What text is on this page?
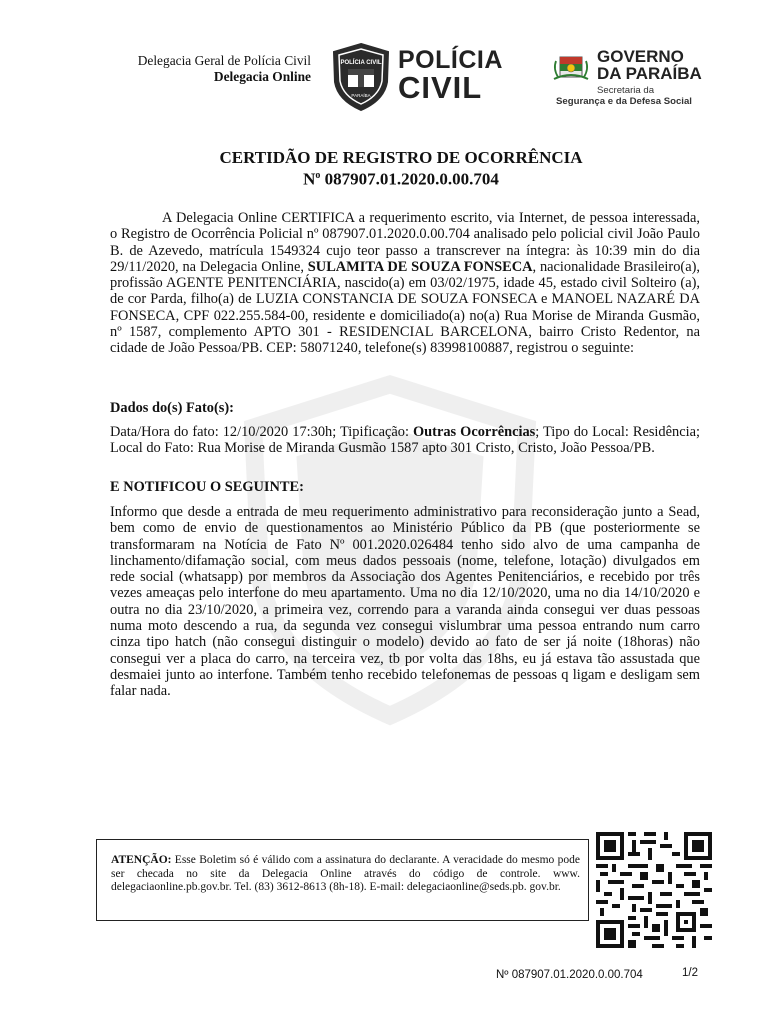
Delegacia Geral de Polícia Civil
Delegacia Online
POLÍCIA CIVIL
PARAÍBA
POLÍCIA
CIVIL
GOVERNO
DA PARAÍBA
Secretaria da
Segurança e da Defesa Social
CERTIDÃO DE REGISTRO DE OCORRÊNCIA
$N^o$ 087907.01.2020.0.00.704
A Delegacia Online CERTIFICA a requerimento escrito, via Internet, de pessoa interessada, o Registro de Ocorrência Policial nº 087907.01.2020.0.00.704 analisado pelo policial civil João Paulo B. de Azevedo, matrícula 1549324 cujo teor passo a transcrever na íntegra: às 10:39 min do dia 29/11/2020, na Delegacia Online, SULAMITA DE SOUZA FONSECA, nacionalidade Brasileiro(a), profissão AGENTE PENITENCIÁRIA, nascido(a) em 03/02/1975, idade 45, estado civil Solteiro (a), de cor Parda, filho(a) de LUZIA CONSTANCIA DE SOUZA FONSECA e MANOEL NAZARÉ DA FONSECA, CPF 022.255.584-00, residente e domiciliado(a) no(a) Rua Morise de Miranda Gusmão, nº 1587, complemento APTO 301 - RESIDENCIAL BARCELONA, bairro Cristo Redentor, na cidade de João Pessoa/PB. CEP: 58071240, telefone(s) 83998100887, registrou o seguinte:
Dados do(s) Fato(s):
Data/Hora do fato: 12/10/2020 17:30h; Tipificação: Outras Ocorrências; Tipo do Local: Residência; Local do Fato: Rua Morise de Miranda Gusmão 1587 apto 301 Cristo, Cristo, João Pessoa/PB.
E NOTIFICOU O SEGUINTE:
Informo que desde a entrada de meu requerimento administrativo para reconsideração junto a Sead, bem como de envio de questionamentos ao Ministério Público da PB (que posteriormente se transformaram na Notícia de Fato Nº 001.2020.026484 tenho sido alvo de uma campanha de linchamento/difamação social, com meus dados pessoais (nome, telefone, lotação) divulgados em rede social (whatsapp) por membros da Associação dos Agentes Penitenciários, e recebido por três vezes ameaças pelo interfone do meu apartamento. Uma no dia 12/10/2020, uma no dia 14/10/2020 e outra no dia 23/10/2020, a primeira vez, correndo para a varanda ainda consegui ver duas pessoas numa moto descendo a rua, da segunda vez consegui vislumbrar uma pessoa entrando num carro cinza tipo hatch (não consegui distinguir o modelo) devido ao fato de ser já noite (18horas) não consegui ver a placa do carro, na terceira vez, tb por volta das 18hs, eu já estava tão assustada que desmaiei junto ao interfone. Também tenho recebido telefonemas de pessoas q ligam e desligam sem falar nada.
ATENÇÃO: Esse Boletim só é válido com a assinatura do declarante. A veracidade do mesmo pode ser checada no site da Delegacia Online através do código de controle. www. delegaciaonline.pb.gov.br. Tel. (83) 3612-8613 (8h-18). E-mail: delegaciaonline@seds.pb. gov.br.
Nº 087907.01.2020.0.00.704	1/2
